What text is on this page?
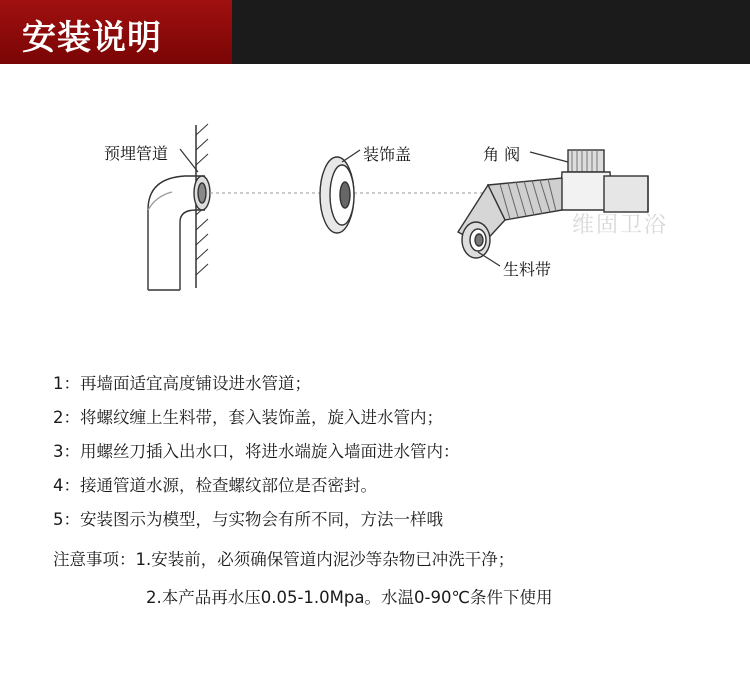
安装说明
预埋管道	装饰盖	角 阀
生料带
维固卫浴
1：再墙面适宜高度铺设进水管道；
2：将螺纹缠上生料带，套入装饰盖，旋入进水管内；
3：用螺丝刀插入出水口，将进水端旋入墙面进水管内：
4：接通管道水源，检查螺纹部位是否密封。
5：安装图示为模型，与实物会有所不同，方法一样哦
注意事项：1.安装前，必须确保管道内泥沙等杂物已冲洗干净；
2.本产品再水压0.05-1.0Mpa。水温0-90℃条件下使用
